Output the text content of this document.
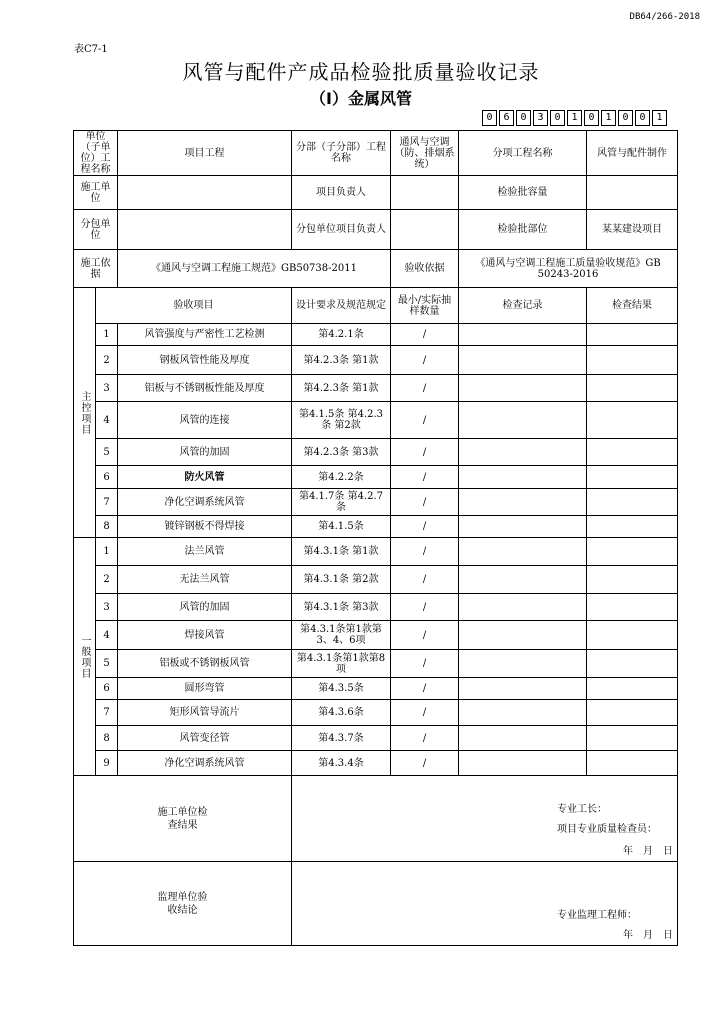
DB64/266-2018
表C7-1
风管与配件产成品检验批质量验收记录
（I）金属风管
0	6	0	3	0	1	0	1	0	0	1
单位（子单位）工程名称		项目工程	分部（子分部）工程名称	通风与空调（防、排烟系统）	分项工程名称	风管与配件制作
施工单位			项目负责人		检验批容量	
分包单位			分包单位项目负责人		检验批部位	某某建设项目
施工依据		《通风与空调工程施工规范》GB50738-2011		验收依据	《通风与空调工程施工质量验收规范》GB 50243-2016	

主控项目	验收项目		设计要求及规范规定	最小/实际抽样数量	检查记录	检查结果
	1	风管强度与严密性工艺检测	第4.2.1条	/		
	2	钢板风管性能及厚度	第4.2.3条 第1款	/		
	3	铝板与不锈钢板性能及厚度	第4.2.3条 第1款	/		
	4	风管的连接	第4.1.5条 第4.2.3条 第2款	/		
	5	风管的加固	第4.2.3条 第3款	/		
	6	防火风管	第4.2.2条	/		
	7	净化空调系统风管	第4.1.7条 第4.2.7条	/		
	8	镀锌钢板不得焊接	第4.1.5条	/		

一般项目	1	法兰风管	第4.3.1条 第1款	/		
	2	无法兰风管	第4.3.1条 第2款	/		
	3	风管的加固	第4.3.1条 第3款	/		
	4	焊接风管	第4.3.1条第1款第3、4、6项	/		
	5	铝板或不锈钢板风管	第4.3.1条第1款第8项	/		
	6	圆形弯管	第4.3.5条	/		
	7	矩形风管导流片	第4.3.6条	/		
	8	风管变径管	第4.3.7条	/		
	9	净化空调系统风管	第4.3.4条	/		

施工单位检查结果			专业工长：
项目专业质量检查员：
年　月　日			

监理单位验收结论			专业监理工程师：
年　月　日			
